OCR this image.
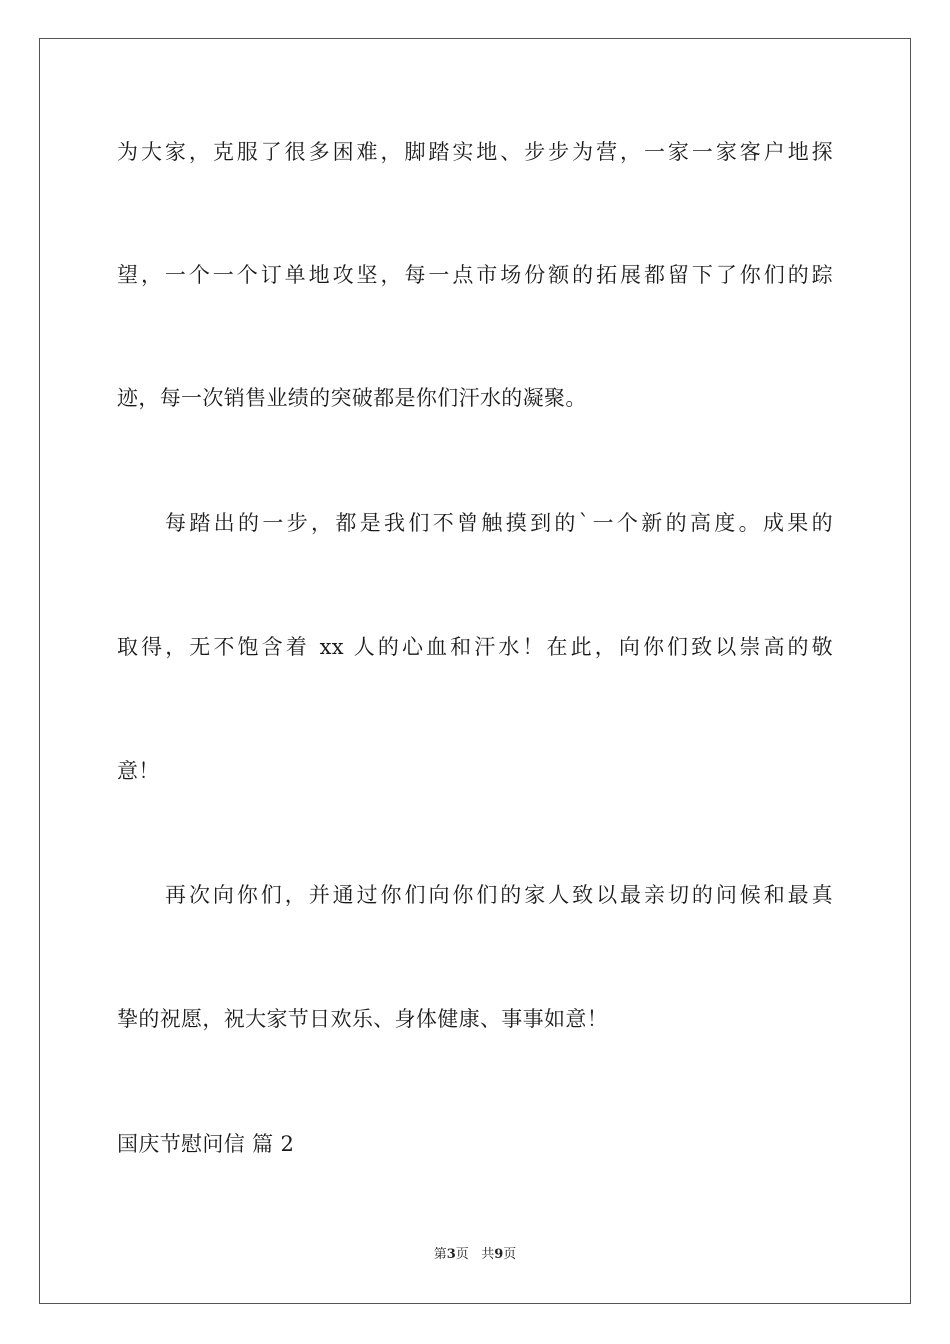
为大家，克服了很多困难，脚踏实地、步步为营，一家一家客户地探
望，一个一个订单地攻坚，每一点市场份额的拓展都留下了你们的踪
迹，每一次销售业绩的突破都是你们汗水的凝聚。
每踏出的一步，都是我们不曾触摸到的`一个新的高度。成果的
取得，无不饱含着 xx 人的心血和汗水！在此，向你们致以崇高的敬
意！
再次向你们，并通过你们向你们的家人致以最亲切的问候和最真
挚的祝愿，祝大家节日欢乐、身体健康、事事如意！
国庆节慰问信 篇 2
第3页   共9页
